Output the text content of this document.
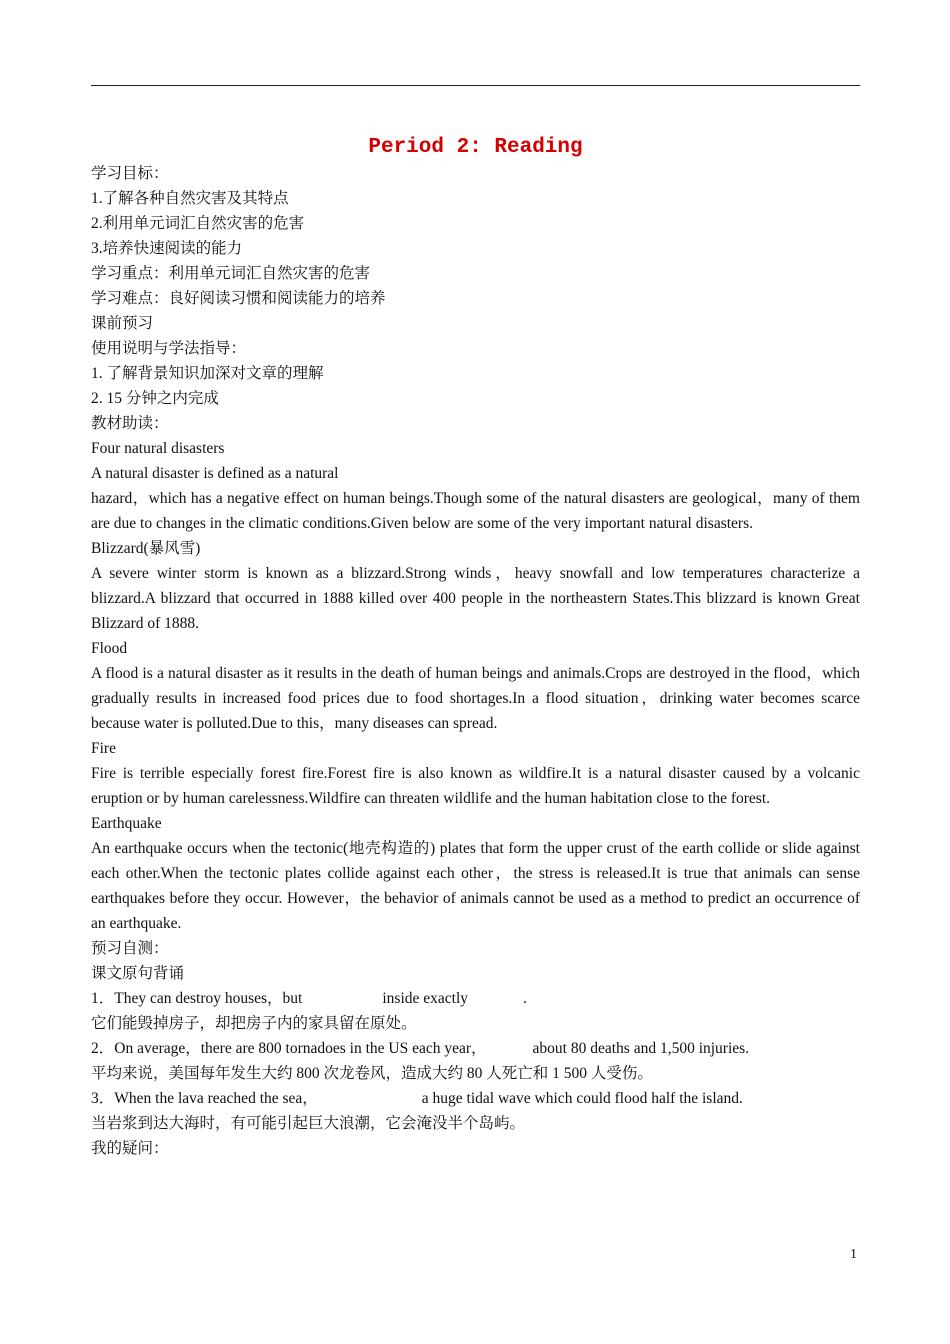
Period 2: Reading
学习目标：
1.了解各种自然灾害及其特点
2.利用单元词汇自然灾害的危害
3.培养快速阅读的能力
学习重点：利用单元词汇自然灾害的危害
学习难点：良好阅读习惯和阅读能力的培养
课前预习
使用说明与学法指导：
1. 了解背景知识加深对文章的理解
2. 15 分钟之内完成
教材助读：
Four natural disasters
A natural disaster is defined as a natural
hazard，which has a negative effect on human beings.Though some of the natural disasters are geological，many of them are due to changes in the climatic conditions.Given below are some of the very important natural disasters.
Blizzard(暴风雪)
A severe winter storm is known as a blizzard.Strong winds，heavy snowfall and low temperatures characterize a blizzard.A blizzard that occurred in 1888 killed over 400 people in the northeastern States.This blizzard is known Great Blizzard of 1888.
Flood
A flood is a natural disaster as it results in the death of human beings and animals.Crops are destroyed in the flood，which gradually results in increased food prices due to food shortages.In a flood situation，drinking water becomes scarce because water is polluted.Due to this，many diseases can spread.
Fire
Fire is terrible especially forest fire.Forest fire is also known as wildfire.It is a natural disaster caused by a volcanic eruption or by human carelessness.Wildfire can threaten wildlife and the human habitation close to the forest.
Earthquake
An earthquake occurs when the tectonic(地壳构造的) plates that form the upper crust of the earth collide or slide against each other.When the tectonic plates collide against each other，the stress is released.It is true that animals can sense earthquakes before they occur. However，the behavior of animals cannot be used as a method to predict an occurrence of an earthquake.
预习自测：
课文原句背诵
1．They can destroy houses，but	inside exactly	.
它们能毁掉房子，却把房子内的家具留在原处。
2．On average，there are 800 tornadoes in the US each year，	about 80 deaths and 1,500 injuries.
平均来说，美国每年发生大约 800 次龙卷风，造成大约 80 人死亡和 1 500 人受伤。
3．When the lava reached the sea，	a huge tidal wave which could flood half the island.
当岩浆到达大海时，有可能引起巨大浪潮，它会淹没半个岛屿。
我的疑问：
1
